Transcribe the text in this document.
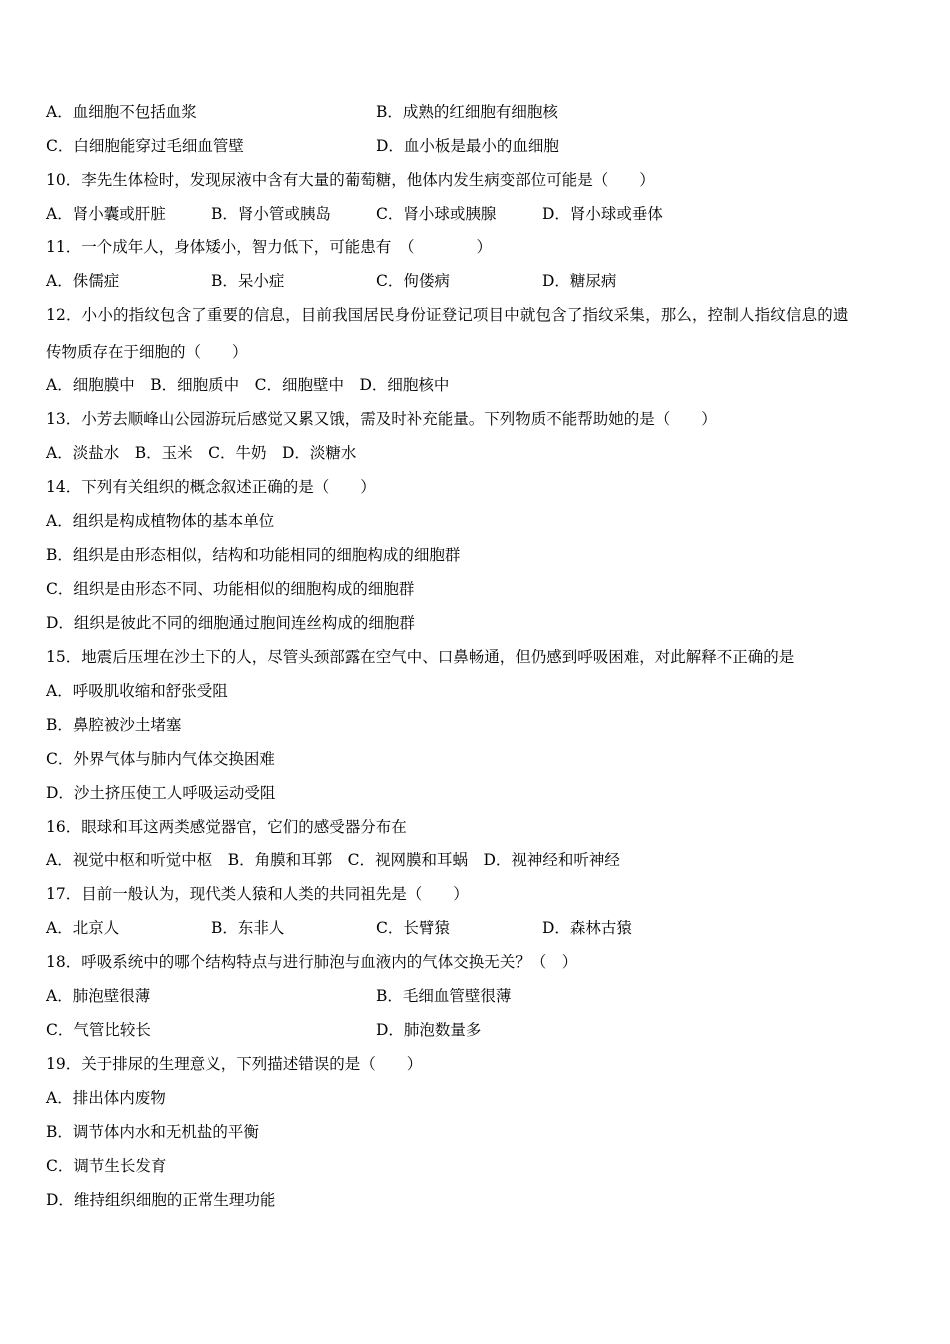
A．血细胞不包括血浆	B．成熟的红细胞有细胞核
C．白细胞能穿过毛细血管壁	D．血小板是最小的血细胞
10．李先生体检时，发现尿液中含有大量的葡萄糖，他体内发生病变部位可能是（　　）
A．肾小囊或肝脏	B．肾小管或胰岛	C．肾小球或胰腺	D．肾小球或垂体
11．一个成年人，身体矮小，智力低下，可能患有　（　　　　）
A．侏儒症	B．呆小症	C．佝偻病	D．糖尿病
12．小小的指纹包含了重要的信息，目前我国居民身份证登记项目中就包含了指纹采集，那么，控制人指纹信息的遗
传物质存在于细胞的（　　）
A．细胞膜中　B．细胞质中　C．细胞壁中　D．细胞核中
13．小芳去顺峰山公园游玩后感觉又累又饿，需及时补充能量。下列物质不能帮助她的是（　　）
A．淡盐水　B．玉米　C．牛奶　D．淡糖水
14．下列有关组织的概念叙述正确的是（　　）
A．组织是构成植物体的基本单位
B．组织是由形态相似，结构和功能相同的细胞构成的细胞群
C．组织是由形态不同、功能相似的细胞构成的细胞群
D．组织是彼此不同的细胞通过胞间连丝构成的细胞群
15．地震后压埋在沙土下的人，尽管头颈部露在空气中、口鼻畅通，但仍感到呼吸困难，对此解释不正确的是
A．呼吸肌收缩和舒张受阻
B．鼻腔被沙土堵塞
C．外界气体与肺内气体交换困难
D．沙土挤压使工人呼吸运动受阻
16．眼球和耳这两类感觉器官，它们的感受器分布在
A．视觉中枢和听觉中枢　B．角膜和耳郭　C．视网膜和耳蜗　D．视神经和听神经
17．目前一般认为，现代类人猿和人类的共同祖先是（　　）
A．北京人	B．东非人	C．长臂猿	D．森林古猿
18．呼吸系统中的哪个结构特点与进行肺泡与血液内的气体交换无关？（　）
A．肺泡壁很薄	B．毛细血管壁很薄
C．气管比较长	D．肺泡数量多
19．关于排尿的生理意义，下列描述错误的是（　　）
A．排出体内废物
B．调节体内水和无机盐的平衡
C．调节生长发育
D．维持组织细胞的正常生理功能
